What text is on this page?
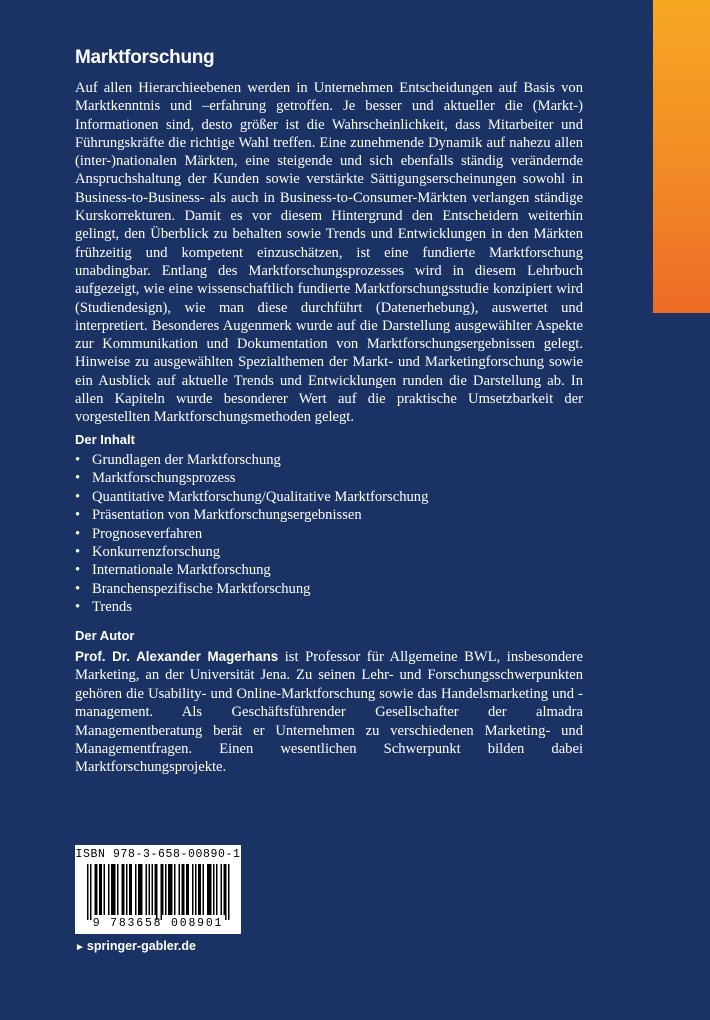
Marktforschung

Auf allen Hierarchieebenen werden in Unternehmen Entscheidungen auf Basis von Marktkenntnis und –erfahrung getroffen. Je besser und aktueller die (Markt-) Informationen sind, desto größer ist die Wahrscheinlichkeit, dass Mitarbeiter und Führungskräfte die richtige Wahl treffen. Eine zunehmende Dynamik auf nahezu allen (inter-)nationalen Märkten, eine steigende und sich ebenfalls ständig verändernde Anspruchshaltung der Kunden sowie verstärkte Sättigungserscheinungen sowohl in Business-to-Business- als auch in Business-to-Consumer-Märkten verlangen ständige Kurskorrekturen. Damit es vor diesem Hintergrund den Entscheidern weiterhin gelingt, den Überblick zu behalten sowie Trends und Entwicklungen in den Märkten frühzeitig und kompetent einzuschätzen, ist eine fundierte Marktforschung unabdingbar. Entlang des Marktforschungsprozesses wird in diesem Lehrbuch aufgezeigt, wie eine wissenschaftlich fundierte Marktforschungsstudie konzipiert wird (Studiendesign), wie man diese durchführt (Datenerhebung), auswertet und interpretiert. Besonderes Augenmerk wurde auf die Darstellung ausgewählter Aspekte zur Kommunikation und Dokumentation von Marktforschungsergebnissen gelegt. Hinweise zu ausgewählten Spezialthemen der Markt- und Marketingforschung sowie ein Ausblick auf aktuelle Trends und Entwicklungen runden die Darstellung ab. In allen Kapiteln wurde besonderer Wert auf die praktische Umsetzbarkeit der vorgestellten Marktforschungsmethoden gelegt.

Der Inhalt
• Grundlagen der Marktforschung
• Marktforschungsprozess
• Quantitative Marktforschung/Qualitative Marktforschung
• Präsentation von Marktforschungsergebnissen
• Prognoseverfahren
• Konkurrenzforschung
• Internationale Marktforschung
• Branchenspezifische Marktforschung
• Trends
Der Autor

Prof. Dr. Alexander Magerhans ist Professor für Allgemeine BWL, insbesondere Marketing, an der Universität Jena. Zu seinen Lehr- und Forschungsschwerpunkten gehören die Usability- und Online-Marktforschung sowie das Handelsmarketing und -management. Als Geschäftsführender Gesellschafter der almadra Managementberatung berät er Unternehmen zu verschiedenen Marketing- und Managementfragen. Einen wesentlichen Schwerpunkt bilden dabei Marktforschungsprojekte.

ISBN 978-3-658-00890-1
9 783658 008901
► springer-gabler.de
